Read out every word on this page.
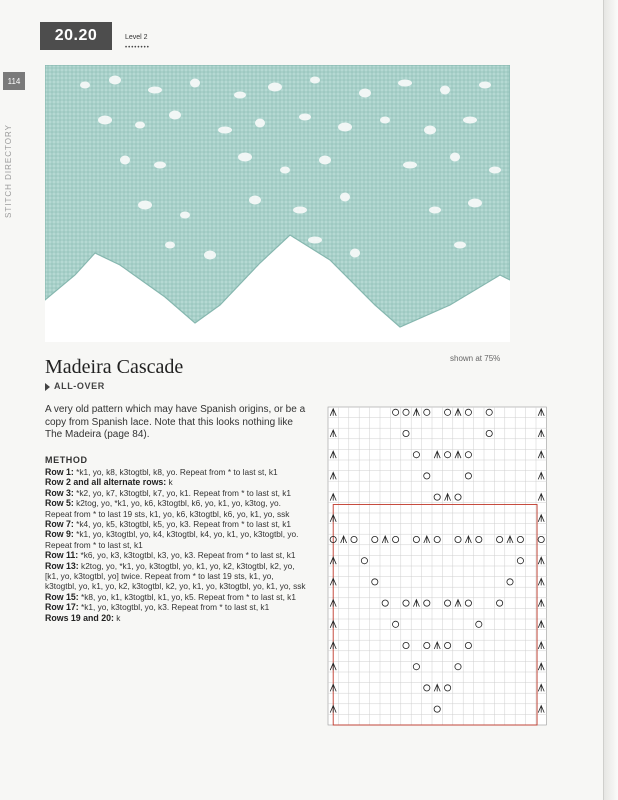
20.20	Level 2
••••••••
114
STITCH DIRECTORY
shown at 75%
Madeira Cascade
ALL-OVER
A very old pattern which may have Spanish origins, or be a copy from Spanish lace. Note that this looks nothing like The Madeira (page 84).
METHOD

Row 1: *k1, yo, k8, k3togtbl, k8, yo. Repeat from * to last st, k1

Row 2 and all alternate rows: k

Row 3: *k2, yo, k7, k3togtbl, k7, yo, k1. Repeat from * to last st, k1

Row 5: k2tog, yo, *k1, yo, k6, k3togtbl, k6, yo, k1, yo, k3tog, yo. Repeat from * to last 19 sts, k1, yo, k6, k3togtbl, k6, yo, k1, yo, ssk

Row 7: *k4, yo, k5, k3togtbl, k5, yo, k3. Repeat from * to last st, k1

Row 9: *k1, yo, k3togtbl, yo, k4, k3togtbl, k4, yo, k1, yo, k3togtbl, yo. Repeat from * to last st, k1

Row 11: *k6, yo, k3, k3togtbl, k3, yo, k3. Repeat from * to last st, k1

Row 13: k2tog, yo, *k1, yo, k3togtbl, yo, k1, yo, k2, k3togtbl, k2, yo, [k1, yo, k3togtbl, yo] twice. Repeat from * to last 19 sts, k1, yo, k3togtbl, yo, k1, yo, k2, k3togtbl, k2, yo, k1, yo, k3togtbl, yo, k1, yo, ssk

Row 15: *k8, yo, k1, k3togtbl, k1, yo, k5. Repeat from * to last st, k1

Row 17: *k1, yo, k3togtbl, yo, k3. Repeat from * to last st, k1

Rows 19 and 20: k
